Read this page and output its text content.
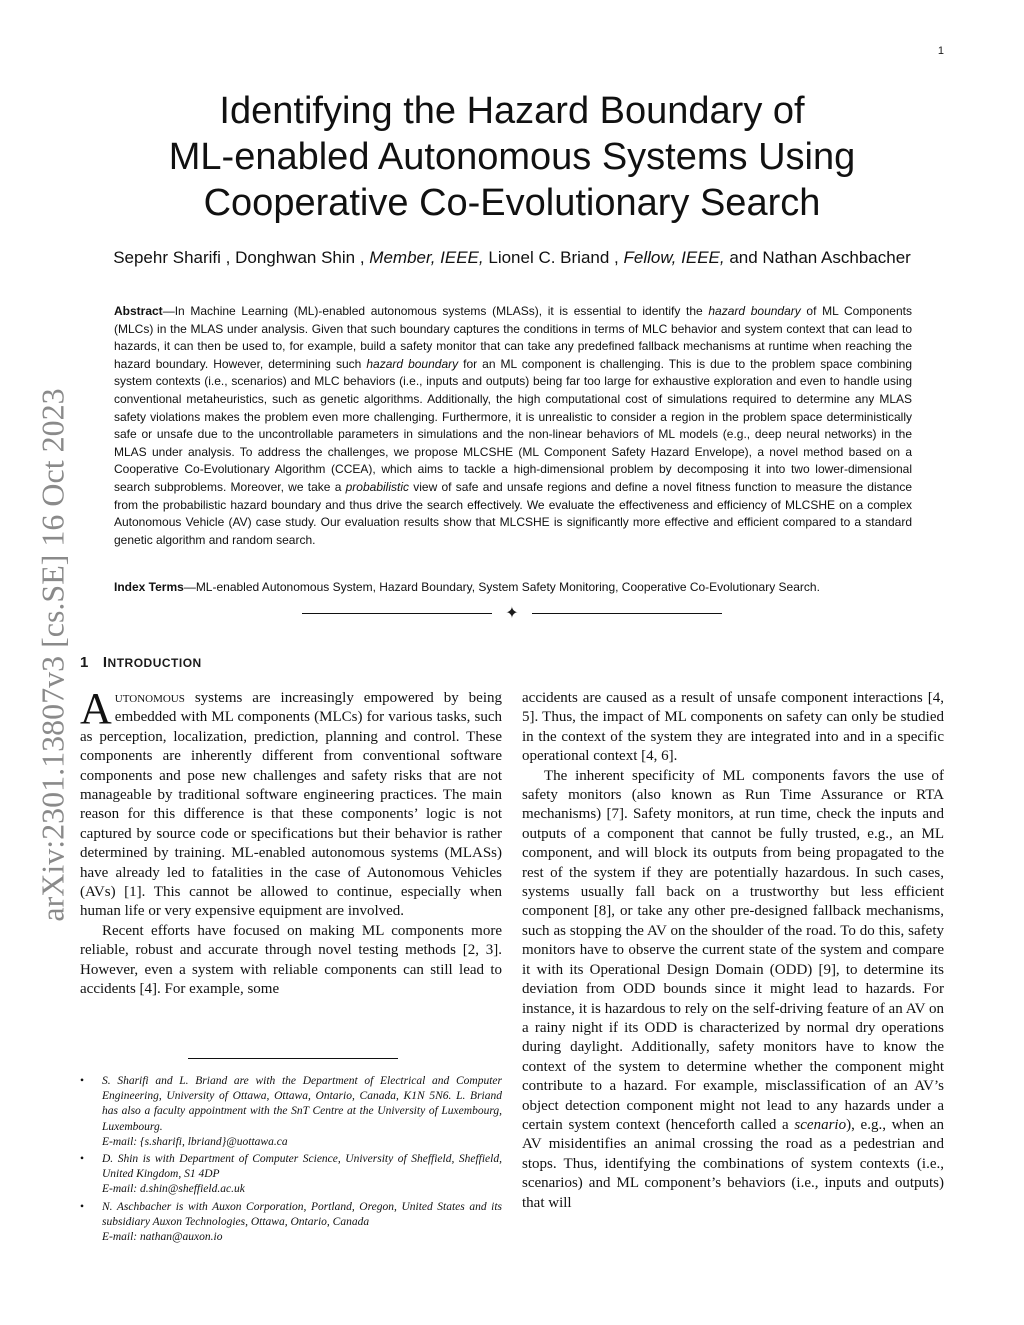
1
arXiv:2301.13807v3 [cs.SE] 16 Oct 2023
Identifying the Hazard Boundary of
ML-enabled Autonomous Systems Using
Cooperative Co-Evolutionary Search
Sepehr Sharifi , Donghwan Shin , Member, IEEE, Lionel C. Briand , Fellow, IEEE, and Nathan Aschbacher

Abstract—In Machine Learning (ML)-enabled autonomous systems (MLASs), it is essential to identify the hazard boundary of ML Components (MLCs) in the MLAS under analysis. Given that such boundary captures the conditions in terms of MLC behavior and system context that can lead to hazards, it can then be used to, for example, build a safety monitor that can take any predefined fallback mechanisms at runtime when reaching the hazard boundary. However, determining such hazard boundary for an ML component is challenging. This is due to the problem space combining system contexts (i.e., scenarios) and MLC behaviors (i.e., inputs and outputs) being far too large for exhaustive exploration and even to handle using conventional metaheuristics, such as genetic algorithms. Additionally, the high computational cost of simulations required to determine any MLAS safety violations makes the problem even more challenging. Furthermore, it is unrealistic to consider a region in the problem space deterministically safe or unsafe due to the uncontrollable parameters in simulations and the non-linear behaviors of ML models (e.g., deep neural networks) in the MLAS under analysis. To address the challenges, we propose MLCSHE (ML Component Safety Hazard Envelope), a novel method based on a Cooperative Co-Evolutionary Algorithm (CCEA), which aims to tackle a high-dimensional problem by decomposing it into two lower-dimensional search subproblems. Moreover, we take a probabilistic view of safe and unsafe regions and define a novel fitness function to measure the distance from the probabilistic hazard boundary and thus drive the search effectively. We evaluate the effectiveness and efficiency of MLCSHE on a complex Autonomous Vehicle (AV) case study. Our evaluation results show that MLCSHE is significantly more effective and efficient compared to a standard genetic algorithm and random search.

Index Terms—ML-enabled Autonomous System, Hazard Boundary, System Safety Monitoring, Cooperative Co-Evolutionary Search.

✦
1 INTRODUCTION

Autonomous systems are increasingly empowered by being embedded with ML components (MLCs) for various tasks, such as perception, localization, prediction, planning and control. These components are inherently different from conventional software components and pose new challenges and safety risks that are not manageable by traditional software engineering practices. The main reason for this difference is that these components’ logic is not captured by source code or specifications but their behavior is rather determined by training. ML-enabled autonomous systems (MLASs) have already led to fatalities in the case of Autonomous Vehicles (AVs) [1]. This cannot be allowed to continue, especially when human life or very expensive equipment are involved.

Recent efforts have focused on making ML components more reliable, robust and accurate through novel testing methods [2, 3]. However, even a system with reliable components can still lead to accidents [4]. For example, some

• S. Sharifi and L. Briand are with the Department of Electrical and Computer Engineering, University of Ottawa, Ottawa, Ontario, Canada, K1N 5N6. L. Briand has also a faculty appointment with the SnT Centre at the University of Luxembourg, Luxembourg.
E-mail: {s.sharifi, lbriand}@uottawa.ca

• D. Shin is with Department of Computer Science, University of Sheffield, Sheffield, United Kingdom, S1 4DP
E-mail: d.shin@sheffield.ac.uk

• N. Aschbacher is with Auxon Corporation, Portland, Oregon, United States and its subsidiary Auxon Technologies, Ottawa, Ontario, Canada
E-mail: nathan@auxon.io

accidents are caused as a result of unsafe component interactions [4, 5]. Thus, the impact of ML components on safety can only be studied in the context of the system they are integrated into and in a specific operational context [4, 6].

The inherent specificity of ML components favors the use of safety monitors (also known as Run Time Assurance or RTA mechanisms) [7]. Safety monitors, at run time, check the inputs and outputs of a component that cannot be fully trusted, e.g., an ML component, and will block its outputs from being propagated to the rest of the system if they are potentially hazardous. In such cases, systems usually fall back on a trustworthy but less efficient component [8], or take any other pre-designed fallback mechanisms, such as stopping the AV on the shoulder of the road. To do this, safety monitors have to observe the current state of the system and compare it with its Operational Design Domain (ODD) [9], to determine its deviation from ODD bounds since it might lead to hazards. For instance, it is hazardous to rely on the self-driving feature of an AV on a rainy night if its ODD is characterized by normal dry operations during daylight. Additionally, safety monitors have to know the context of the system to determine whether the component might contribute to a hazard. For example, misclassification of an AV’s object detection component might not lead to any hazards under a certain system context (henceforth called a scenario), e.g., when an AV misidentifies an animal crossing the road as a pedestrian and stops. Thus, identifying the combinations of system contexts (i.e., scenarios) and ML component’s behaviors (i.e., inputs and outputs) that will
